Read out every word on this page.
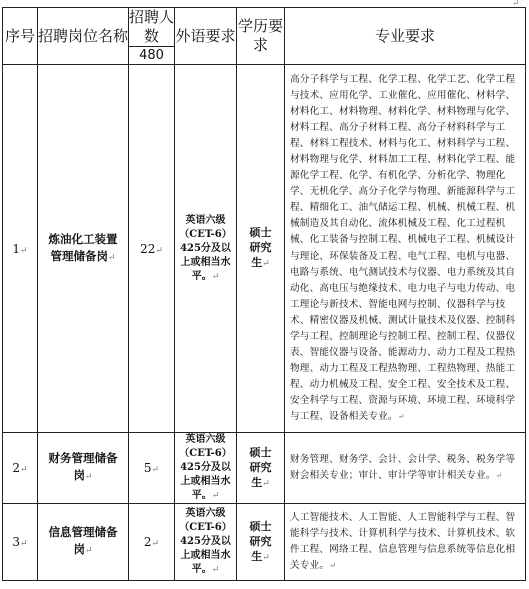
↵
序号	招聘岗位名称	招聘人数	外语要求	学历要求	专业要求
		480			
1↵	炼油化工装置管理储备岗↵	22↵	英语六级（CET-6）425分及以上或相当水平。↵	硕士研究生↵	高分子科学与工程、化学工程、化学工艺、化学工程与技术、应用化学、工业催化、应用催化、材料学、材料化工、材料物理、材料化学、材料物理与化学、材料工程、高分子材料工程、高分子材料科学与工程、材料工程技术、材料与化工、材料科学与工程、材料物理与化学、材料加工工程、材料化学工程、能源化学工程、化学、有机化学、分析化学、物理化学、无机化学、高分子化学与物理、新能源科学与工程、精细化工、油气储运工程、机械、机械工程、机械制造及其自动化、流体机械及工程、化工过程机械、化工装备与控制工程、机械电子工程、机械设计与理论、环保装备及工程、电气工程、电机与电器、电路与系统、电气测试技术与仪器、电力系统及其自动化、高电压与绝缘技术、电力电子与电力传动、电工理论与新技术、智能电网与控制、仪器科学与技术、精密仪器及机械、测试计量技术及仪器、控制科学与工程、控制理论与控制工程、控制工程、仪器仪表、智能仪器与设备、能源动力、动力工程及工程热物理、动力工程及工程热物理、工程热物理、热能工程、动力机械及工程、安全工程、安全技术及工程、安全科学与工程、资源与环境、环境工程、环境科学与工程、设备相关专业。↵
2↵	财务管理储备岗↵	5↵	英语六级（CET-6）425分及以上或相当水平。↵	硕士研究生↵	财务管理、财务学、会计、会计学、税务、税务学等财会相关专业；审计、审计学等审计相关专业。↵
3↵	信息管理储备岗↵	2↵	英语六级（CET-6）425分及以上或相当水平。↵	硕士研究生↵	人工智能技术、人工智能、人工智能科学与工程、智能科学与技术、计算机科学与技术、计算机技术、软件工程、网络工程、信息管理与信息系统等信息化相关专业。↵
